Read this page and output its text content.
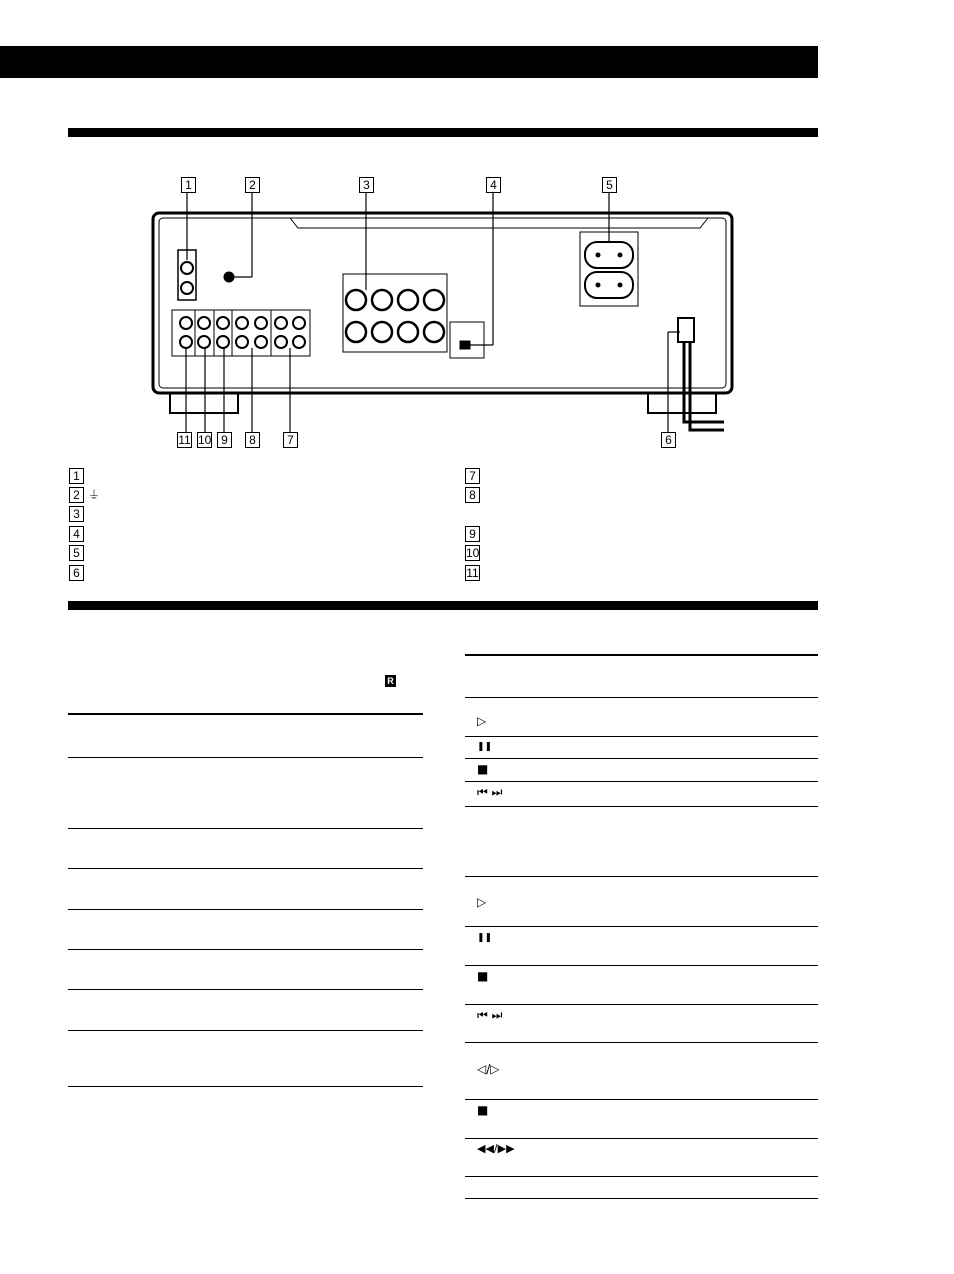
1	2	3	4	5
11 10 9	8	7	6
1
2 ⏚
3
4
5
6
7
8
9
10
11
R
▷
❚❚
■
⏮ ⏭
▷
❚❚
■
⏮ ⏭
◁/▷
■
◀◀/▶▶
